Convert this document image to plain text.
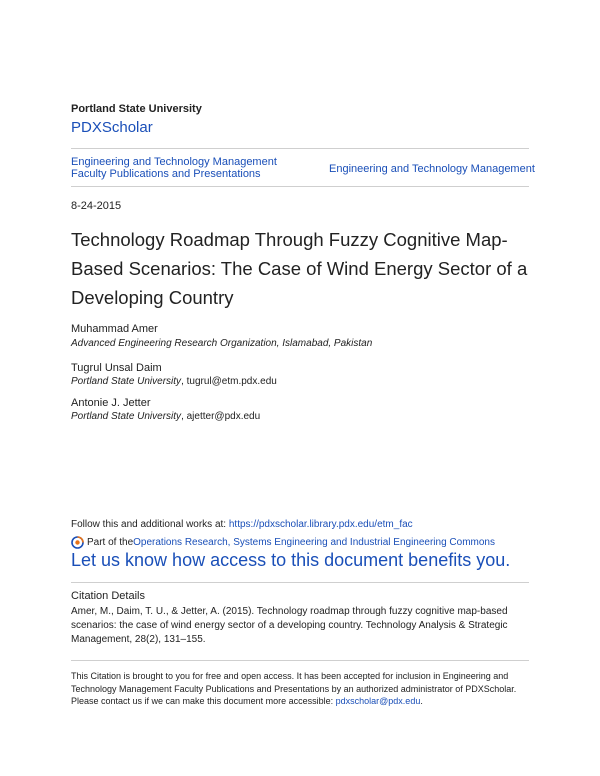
Portland State University
PDXScholar
Engineering and Technology Management Faculty Publications and Presentations	Engineering and Technology Management
8-24-2015
Technology Roadmap Through Fuzzy Cognitive Map-Based Scenarios: The Case of Wind Energy Sector of a Developing Country
Muhammad Amer
Advanced Engineering Research Organization, Islamabad, Pakistan
Tugrul Unsal Daim
Portland State University, tugrul@etm.pdx.edu
Antonie J. Jetter
Portland State University, ajetter@pdx.edu
Follow this and additional works at: https://pdxscholar.library.pdx.edu/etm_fac
Part of the Operations Research, Systems Engineering and Industrial Engineering Commons
Let us know how access to this document benefits you.
Citation Details
Amer, M., Daim, T. U., & Jetter, A. (2015). Technology roadmap through fuzzy cognitive map-based scenarios: the case of wind energy sector of a developing country. Technology Analysis & Strategic Management, 28(2), 131–155.
This Citation is brought to you for free and open access. It has been accepted for inclusion in Engineering and Technology Management Faculty Publications and Presentations by an authorized administrator of PDXScholar. Please contact us if we can make this document more accessible: pdxscholar@pdx.edu.
